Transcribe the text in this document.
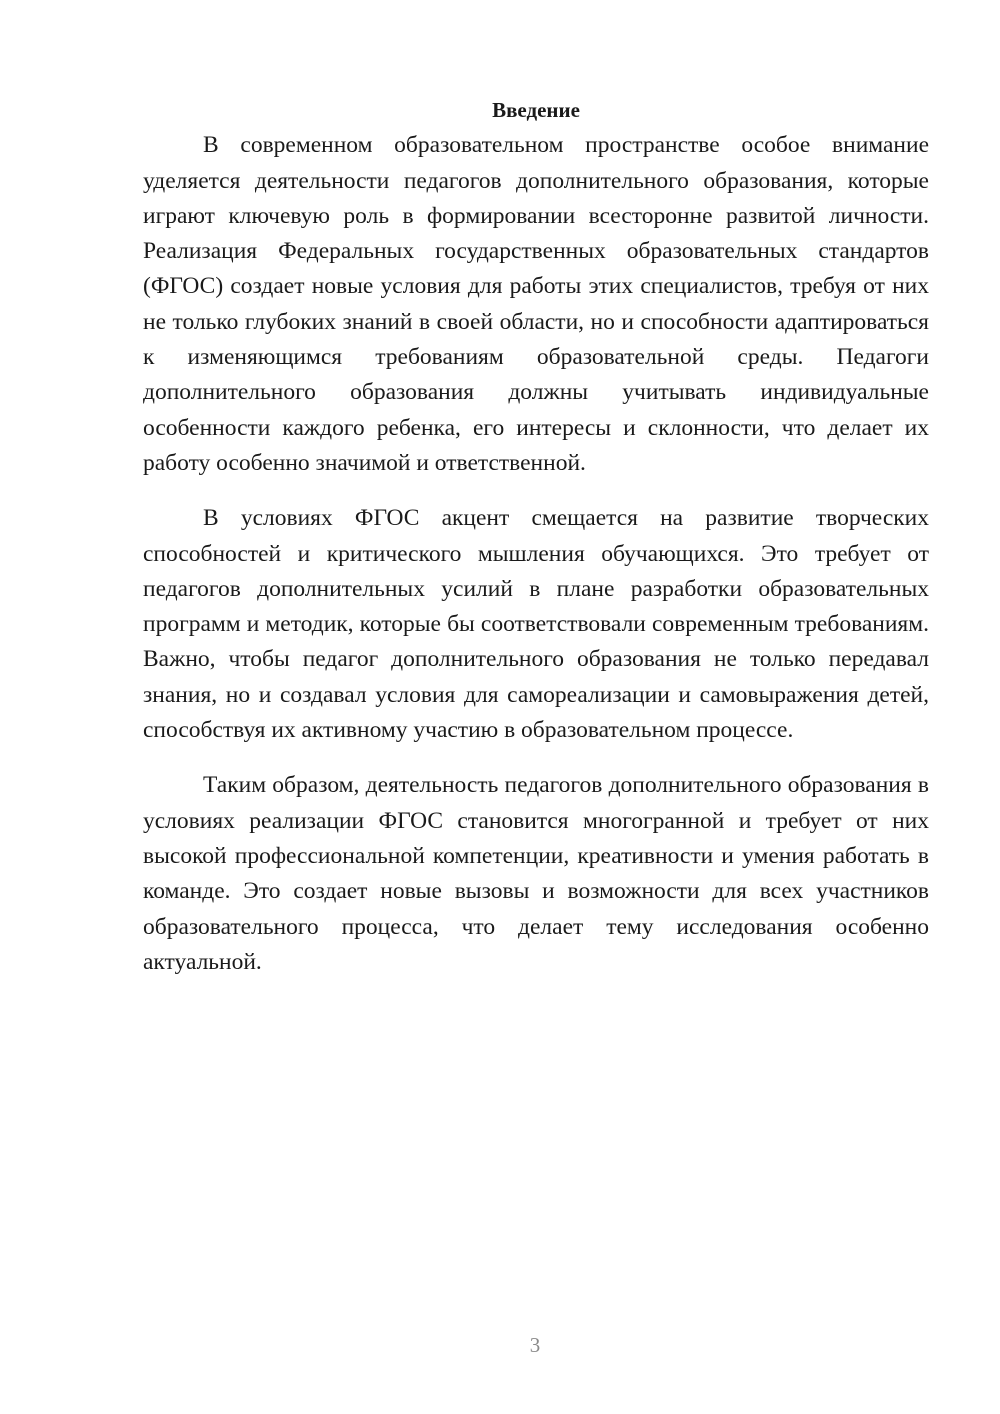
Введение

В современном образовательном пространстве особое внимание уделяется деятельности педагогов дополнительного образования, которые играют ключевую роль в формировании всесторонне развитой личности. Реализация Федеральных государственных образовательных стандартов (ФГОС) создает новые условия для работы этих специалистов, требуя от них не только глубоких знаний в своей области, но и способности адаптироваться к изменяющимся требованиям образовательной среды. Педагоги дополнительного образования должны учитывать индивидуальные особенности каждого ребенка, его интересы и склонности, что делает их работу особенно значимой и ответственной.

В условиях ФГОС акцент смещается на развитие творческих способностей и критического мышления обучающихся. Это требует от педагогов дополнительных усилий в плане разработки образовательных программ и методик, которые бы соответствовали современным требованиям. Важно, чтобы педагог дополнительного образования не только передавал знания, но и создавал условия для самореализации и самовыражения детей, способствуя их активному участию в образовательном процессе.

Таким образом, деятельность педагогов дополнительного образования в условиях реализации ФГОС становится многогранной и требует от них высокой профессиональной компетенции, креативности и умения работать в команде. Это создает новые вызовы и возможности для всех участников образовательного процесса, что делает тему исследования особенно актуальной.

3
